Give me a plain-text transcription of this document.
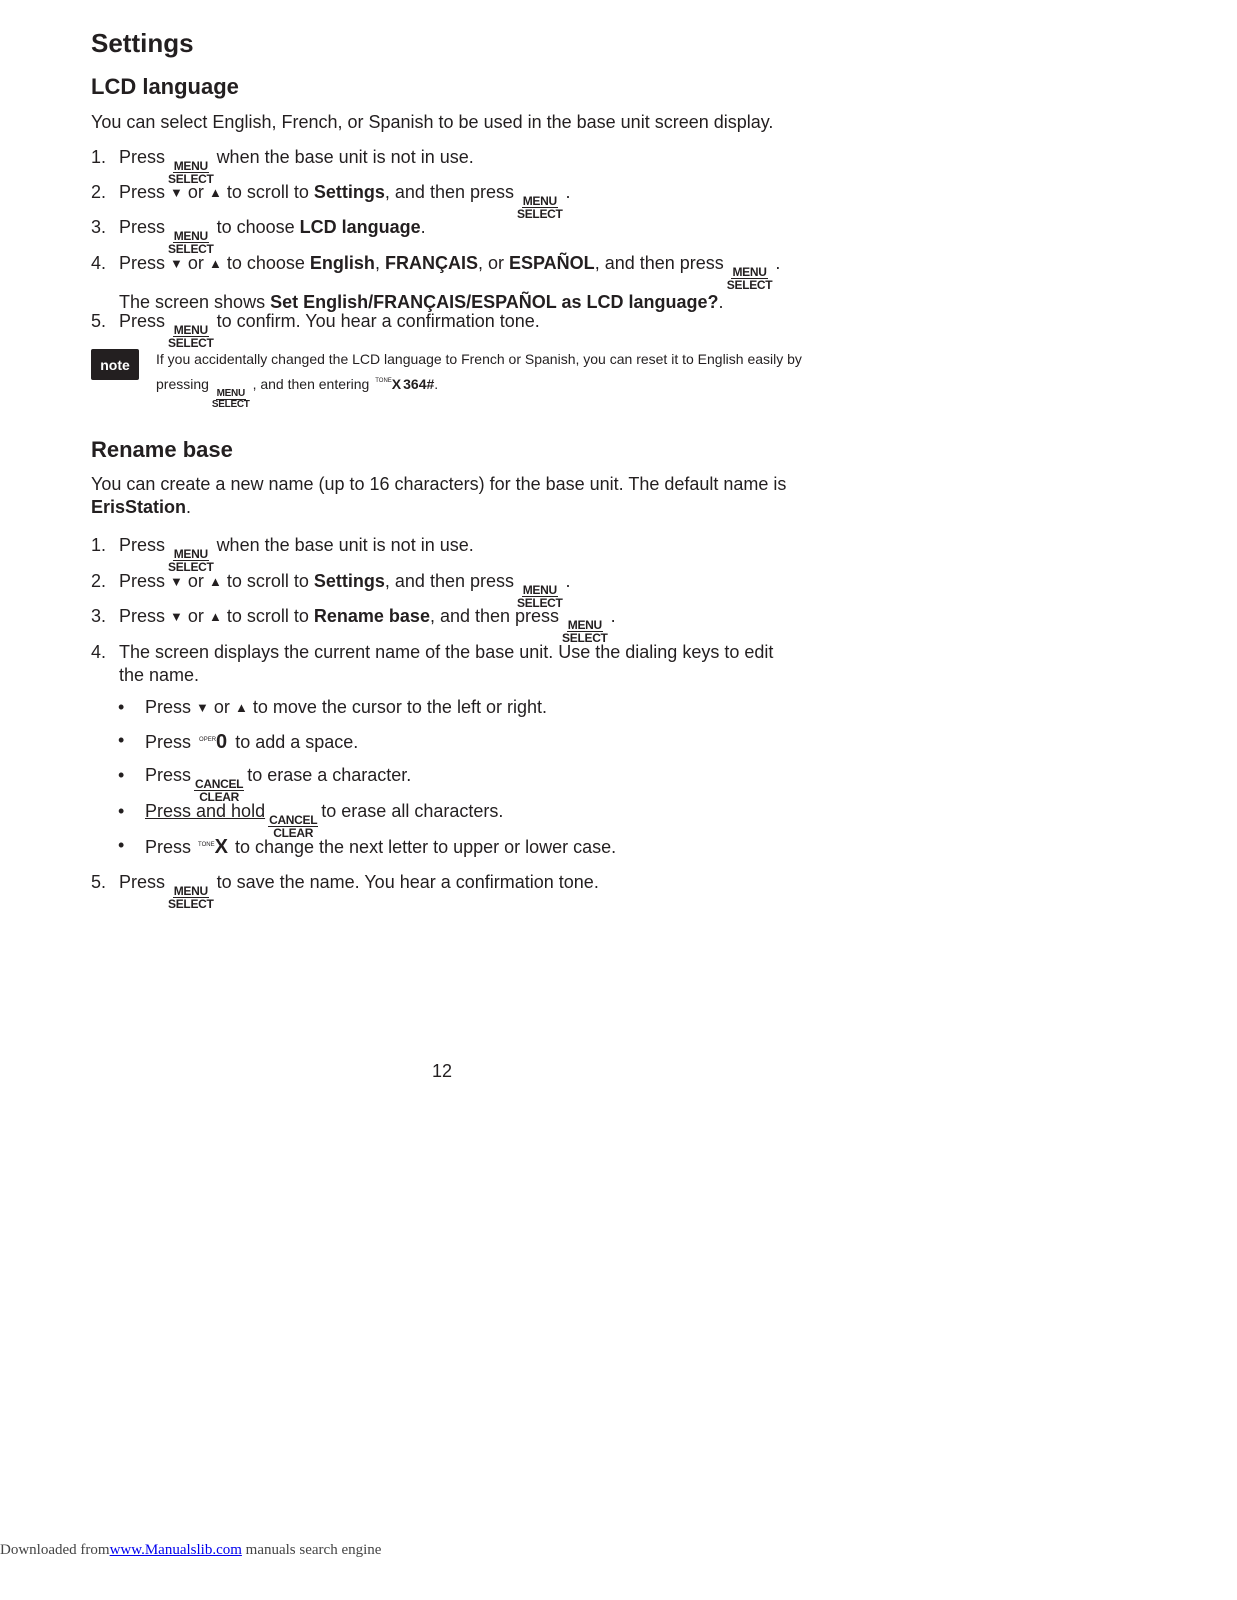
Settings
LCD language

You can select English, French, or Spanish to be used in the base unit screen display.

1. Press MENU
SELECT
when the base unit is not in use.
2. Press ▼ or ▲ to scroll to Settings, and then press MENU
SELECT
.
3. Press MENU
SELECT
to choose LCD language.
4. Press ▼ or ▲ to choose English, FRANÇAIS, or ESPAÑOL, and then press MENU
SELECT
. The screen shows Set English/FRANÇAIS/ESPAÑOL as LCD language?.
5. Press MENU
SELECT
to confirm. You hear a confirmation tone.
note	If you accidentally changed the LCD language to French or Spanish, you can reset it to English easily by pressing
MENU
SELECT
, and then entering $^{TONE}$X 364#.
Rename base

You can create a new name (up to 16 characters) for the base unit. The default name is ErisStation.

1. Press MENU
SELECT
when the base unit is not in use.
2. Press ▼ or ▲ to scroll to Settings, and then press MENU
SELECT
.
3. Press ▼ or ▲ to scroll to Rename base, and then press MENU
SELECT
.
4. The screen displays the current name of the base unit. Use the dialing keys to edit the name.
• Press ▼ or ▲ to move the cursor to the left or right.
• Press $^{OPER}$0 to add a space.
• Press CANCEL
CLEAR
to erase a character.
• Press and hold CANCEL
CLEAR
to erase all characters.
• Press $^{TONE}$X to change the next letter to upper or lower case.
5. Press MENU
SELECT
to save the name. You hear a confirmation tone.
12
Downloaded fromwww.Manualslib.com manuals search engine
